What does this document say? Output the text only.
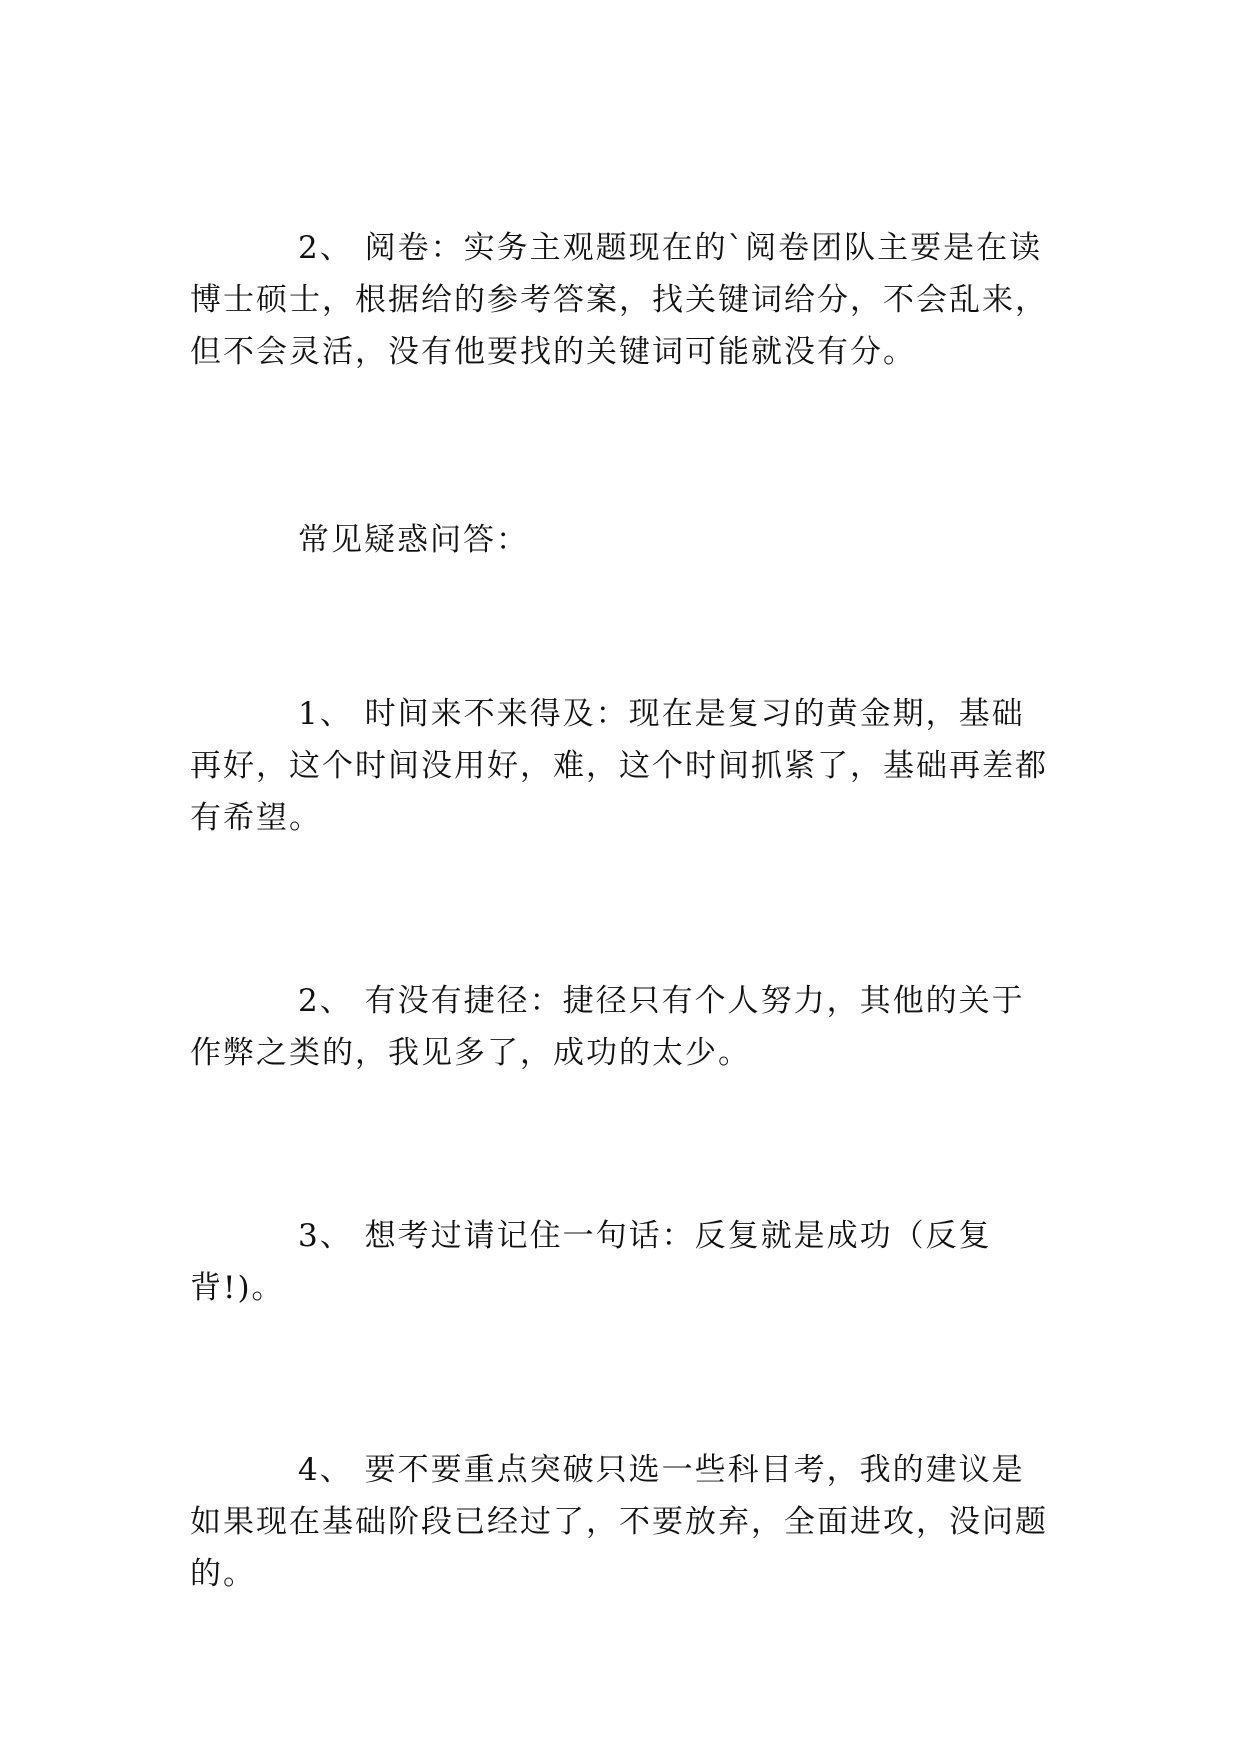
2、 阅卷：实务主观题现在的`阅卷团队主要是在读博士硕士，根据给的参考答案，找关键词给分，不会乱来，但不会灵活，没有他要找的关键词可能就没有分。

常见疑惑问答：

1、 时间来不来得及：现在是复习的黄金期，基础再好，这个时间没用好，难，这个时间抓紧了，基础再差都有希望。

2、 有没有捷径：捷径只有个人努力，其他的关于作弊之类的，我见多了，成功的太少。

3、 想考过请记住一句话：反复就是成功（反复背!)。

4、 要不要重点突破只选一些科目考，我的建议是如果现在基础阶段已经过了，不要放弃，全面进攻，没问题的。
